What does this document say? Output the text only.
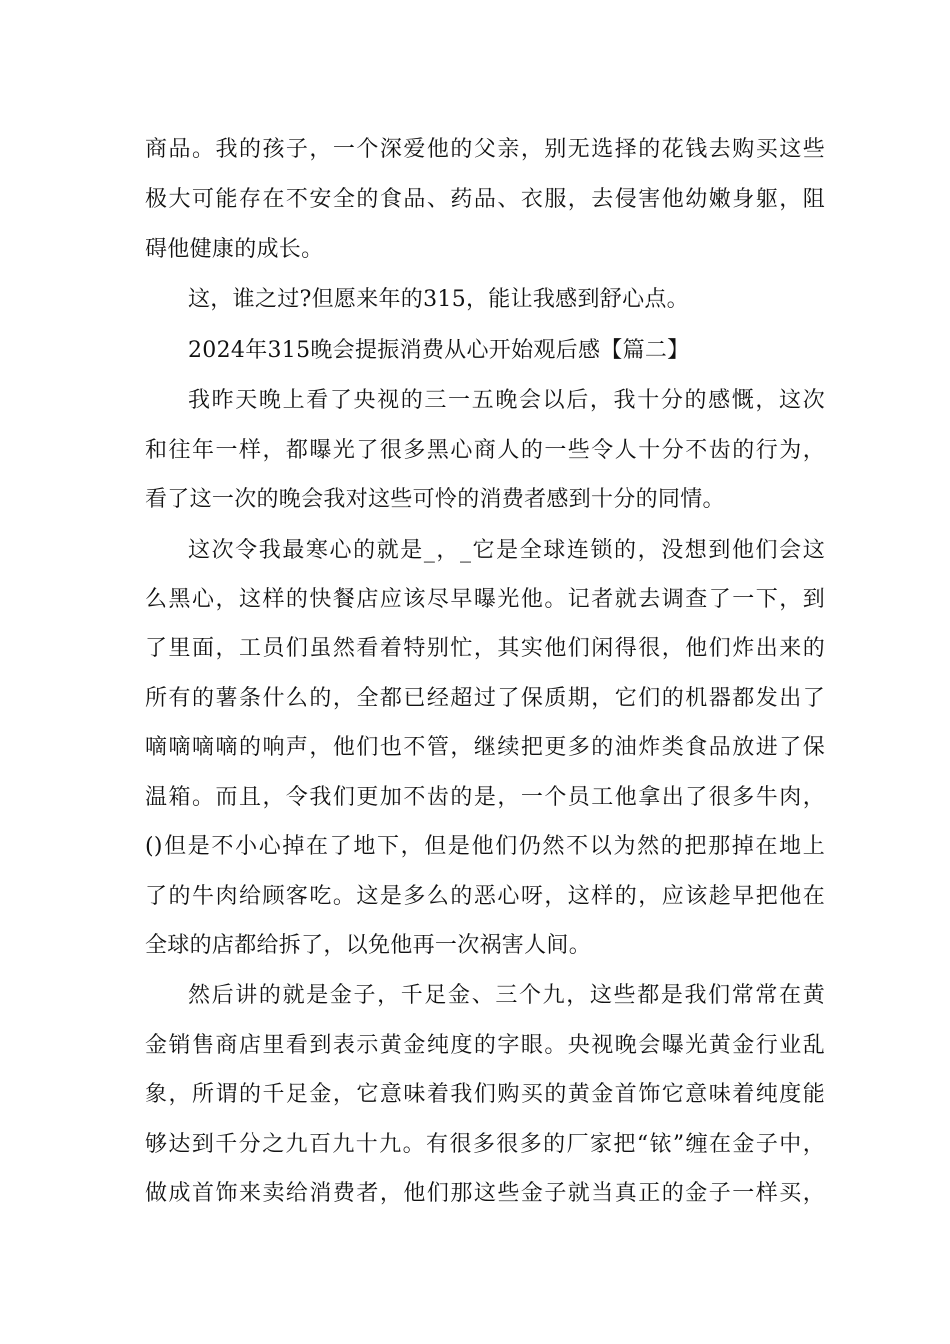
商品。我的孩子，一个深爱他的父亲，别无选择的花钱去购买这些
极大可能存在不安全的食品、药品、衣服，去侵害他幼嫩身躯，阻
碍他健康的成长。
这，谁之过?但愿来年的315，能让我感到舒心点。
2024年315晚会提振消费从心开始观后感【篇二】
我昨天晚上看了央视的三一五晚会以后，我十分的感慨，这次
和往年一样，都曝光了很多黑心商人的一些令人十分不齿的行为，
看了这一次的晚会我对这些可怜的消费者感到十分的同情。
这次令我最寒心的就是_，_它是全球连锁的，没想到他们会这
么黑心，这样的快餐店应该尽早曝光他。记者就去调查了一下，到
了里面，工员们虽然看着特别忙，其实他们闲得很，他们炸出来的
所有的薯条什么的，全都已经超过了保质期，它们的机器都发出了
嘀嘀嘀嘀的响声，他们也不管，继续把更多的油炸类食品放进了保
温箱。而且，令我们更加不齿的是，一个员工他拿出了很多牛肉，
()但是不小心掉在了地下，但是他们仍然不以为然的把那掉在地上
了的牛肉给顾客吃。这是多么的恶心呀，这样的，应该趁早把他在
全球的店都给拆了，以免他再一次祸害人间。
然后讲的就是金子，千足金、三个九，这些都是我们常常在黄
金销售商店里看到表示黄金纯度的字眼。央视晚会曝光黄金行业乱
象，所谓的千足金，它意味着我们购买的黄金首饰它意味着纯度能
够达到千分之九百九十九。有很多很多的厂家把“铱”缠在金子中，
做成首饰来卖给消费者，他们那这些金子就当真正的金子一样买，
